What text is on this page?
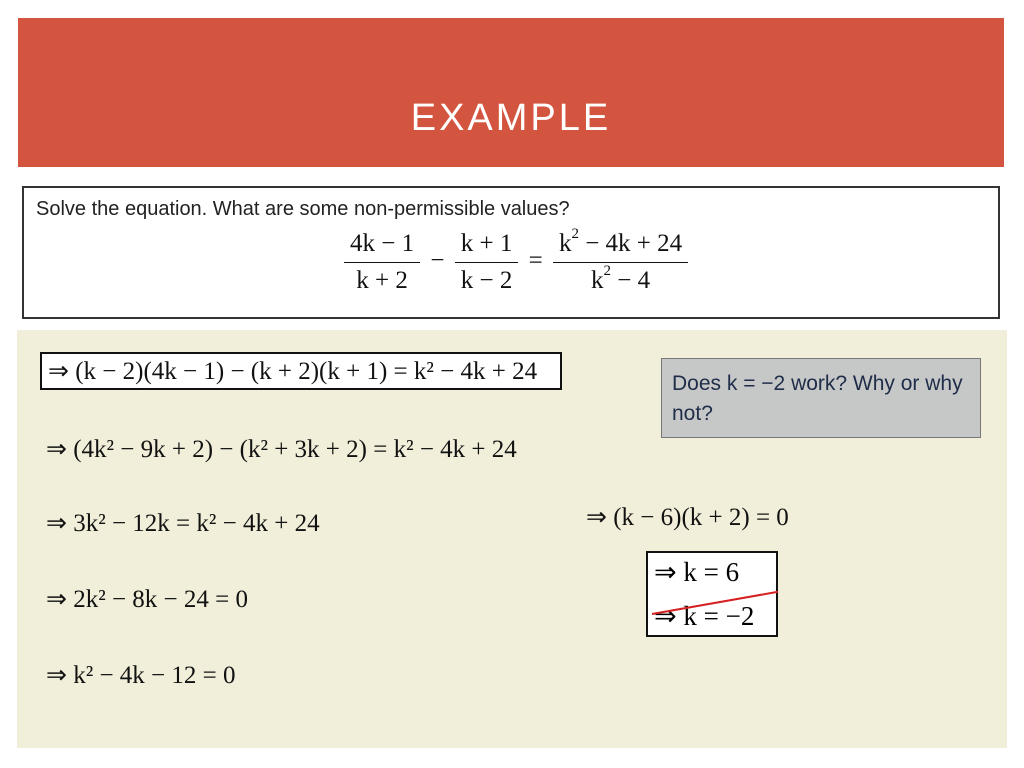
EXAMPLE
Solve the equation. What are some non-permissible values?
$\frac{4k - 1}{k + 2} - \frac{k + 1}{k - 2} = \frac{k^2 - 4k + 24}{k^2 - 4}$
⇒ (k − 2)(4k − 1) − (k + 2)(k + 1) = k² − 4k + 24
⇒ (4k² − 9k + 2) − (k² + 3k + 2) = k² − 4k + 24
⇒ 3k² − 12k = k² − 4k + 24
⇒ 2k² − 8k − 24 = 0
⇒ k² − 4k − 12 = 0
Does k = −2 work? Why or why not?
⇒ (k − 6)(k + 2) = 0
⇒ k = 6
⇒ k = −2
